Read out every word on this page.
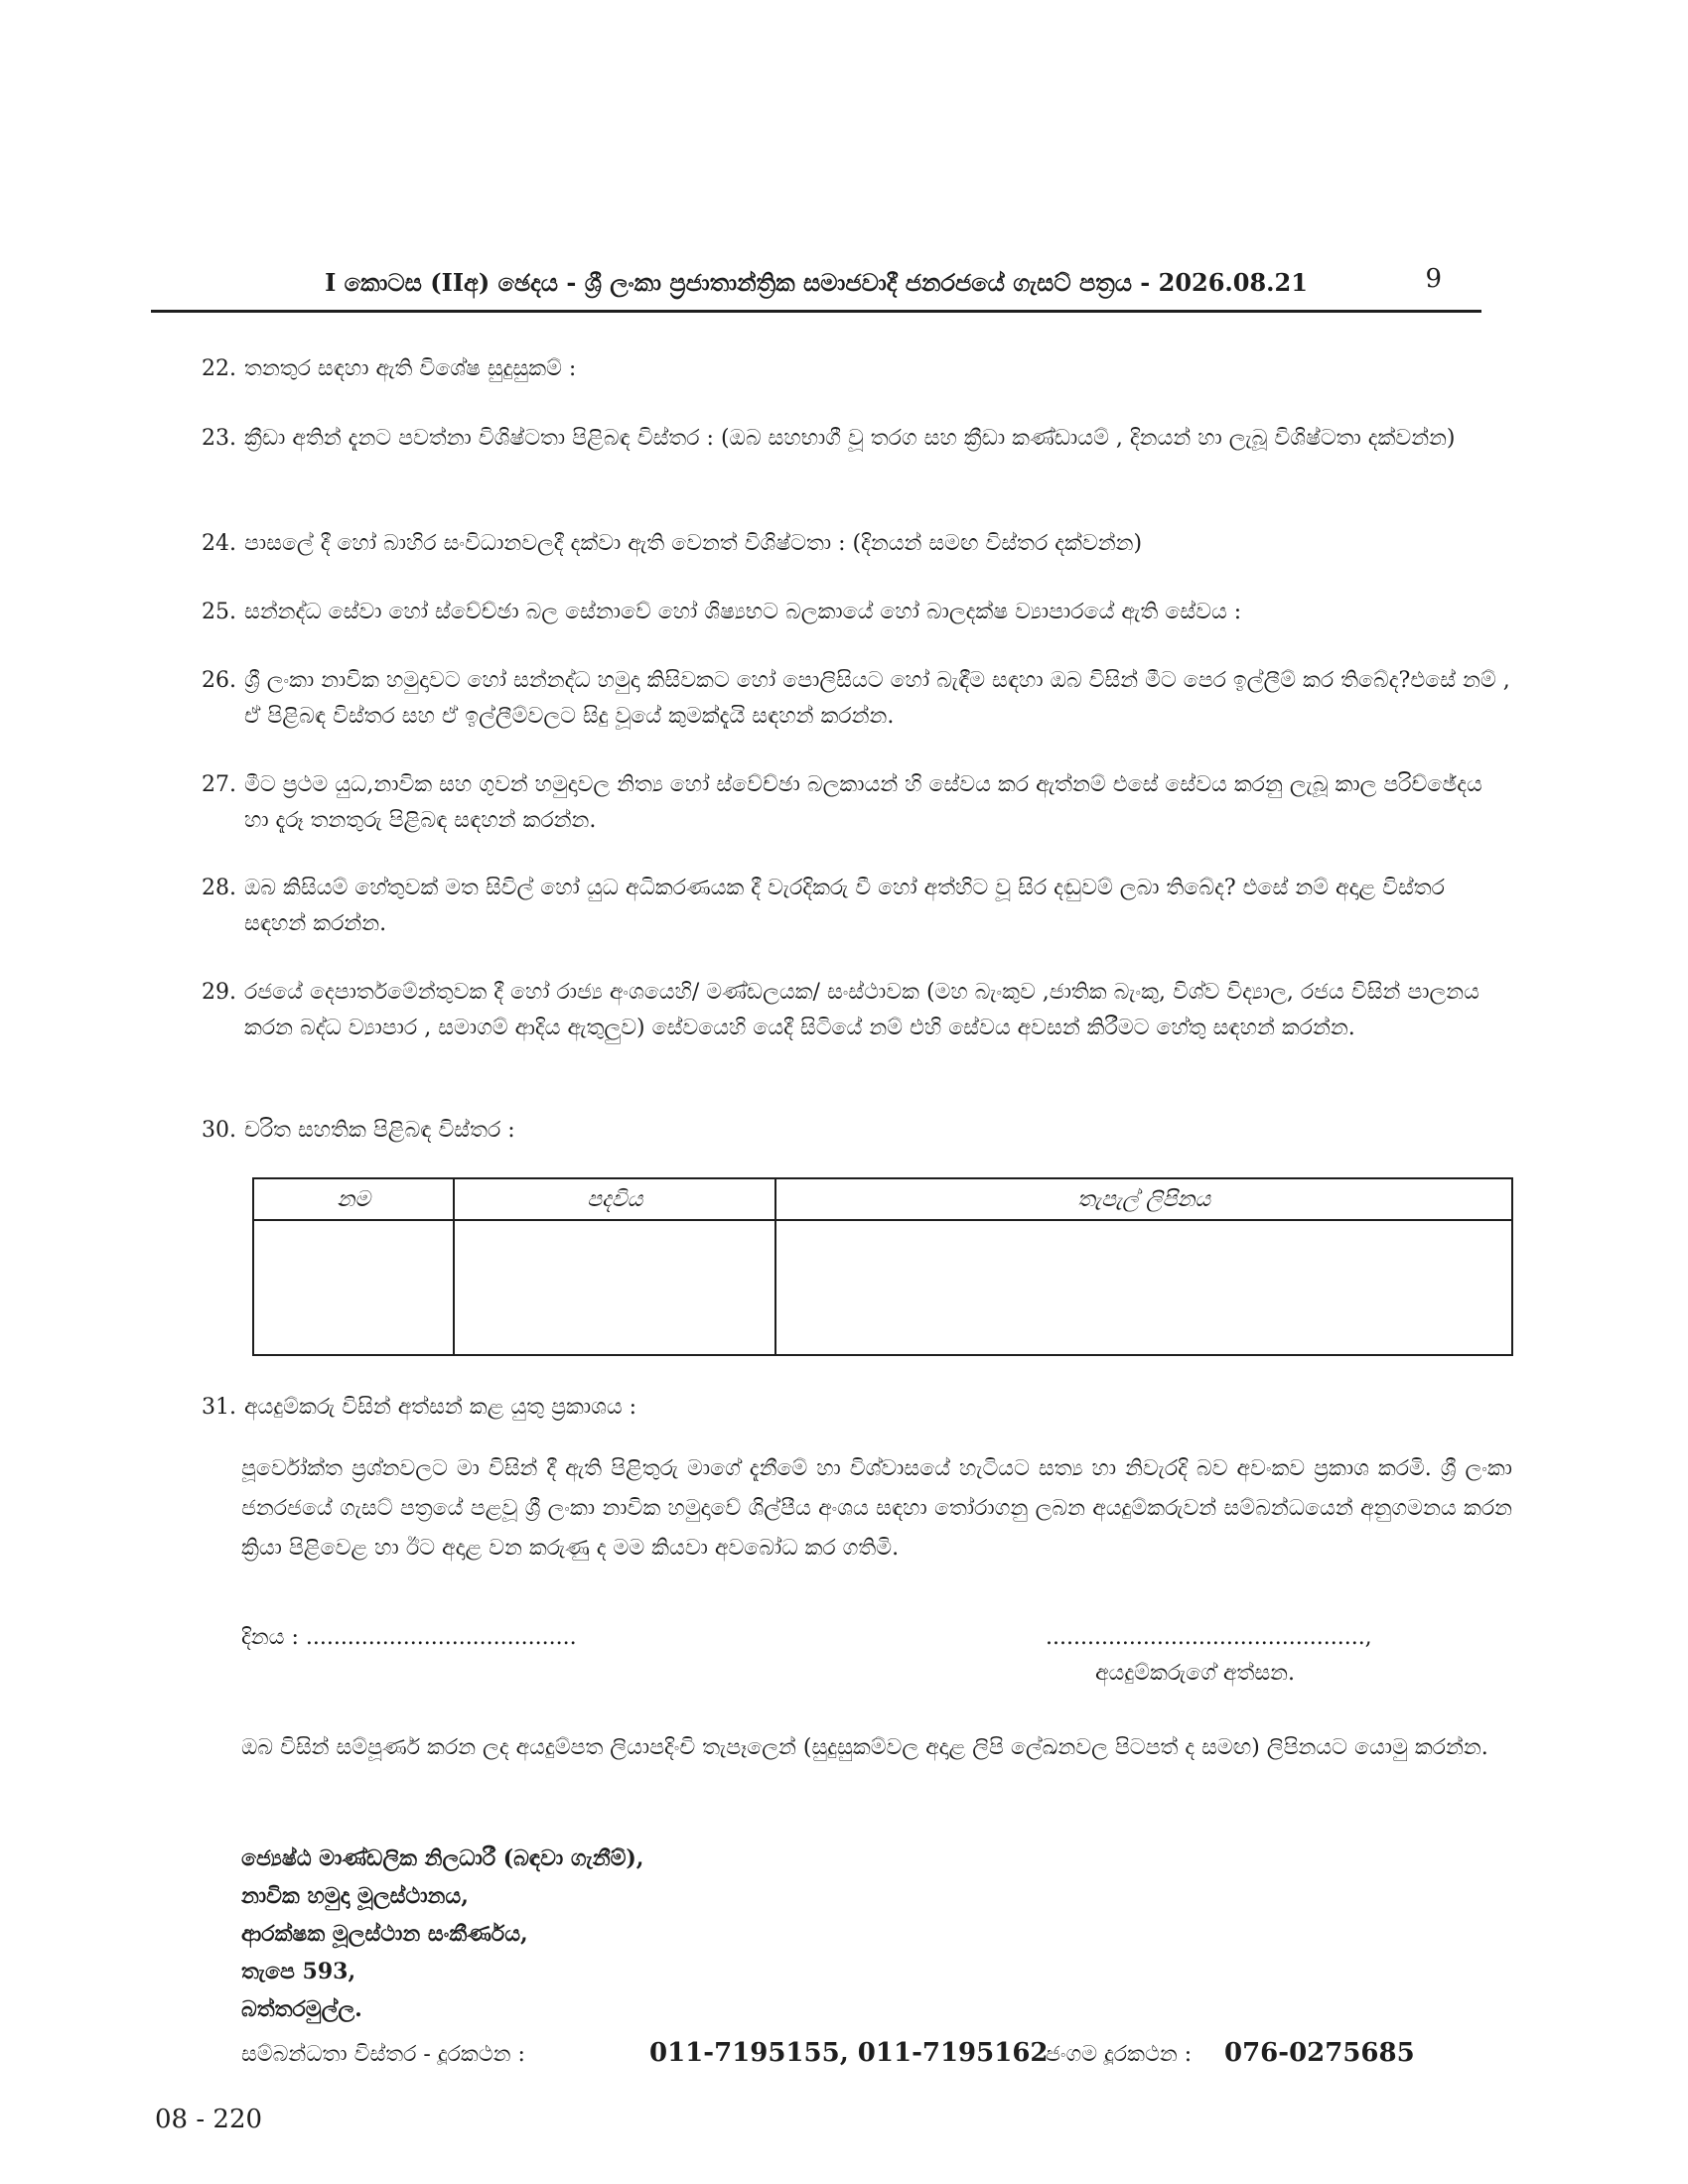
I කොටස (IIඅ) ඡෙදය - ශ්‍රී ලංකා ප්‍රජාතාන්ත්‍රික සමාජවාදී ජනරජයේ ගැසට් පත්‍රය - 2026.08.21	9
22. තනතුර සඳහා ඇති විශේෂ සුදුසුකම් :
23. ක්‍රීඩා අතින් දැනට පවත්නා විශිෂ්ටතා පිළිබඳ විස්තර : (ඔබ සහභාගී වූ තරග සහ ක්‍රීඩා කණ්ඩායම් , දිනයන් හා ලැබූ විශිෂ්ටතා දක්වන්න)
24. පාසලේ දී හෝ බාහිර සංවිධානවලදී දක්වා ඇති වෙනත් විශිෂ්ටතා : (දිනයන් සමඟ විස්තර දක්වන්න)
25. සන්නද්ධ සේවා හෝ ස්වේච්ඡා බල සේනාවේ හෝ ශිෂ්‍යභට බලකායේ හෝ බාලදක්ෂ ව්‍යාපාරයේ ඇති සේවය :
26. ශ්‍රී ලංකා නාවික හමුදාවට හෝ සන්නද්ධ හමුදා කිසිවකට හෝ පොලිසියට හෝ බැඳීම සඳහා ඔබ විසින් මීට පෙර ඉල්ලීම් කර තිබේද?එසේ නම් , ඒ පිළිබඳ විස්තර සහ ඒ ඉල්ලීම්වලට සිදු වූයේ කුමක්දැයි සඳහන් කරන්න.
27. මීට ප්‍රථම යුධ,නාවික සහ ගුවන් හමුදාවල නිත්‍ය හෝ ස්වේච්ඡා බලකායන් හි සේවය කර ඇත්නම් එසේ සේවය කරනු ලැබූ කාල පරිච්ඡේදය හා දැරූ තනතුරු පිළිබඳ සඳහන් කරන්න.
28. ඔබ කිසියම් හේතුවක් මත සිවිල් හෝ යුධ අධිකරණයක දී වැරදිකරු වී හෝ අත්හිට වූ සිර දඬුවම් ලබා තිබේද? එසේ නම් අදාළ විස්තර සඳහන් කරන්න.
29. රජයේ දෙපාර්තමේන්තුවක දී හෝ රාජ්‍ය අංශයෙහි/ මණ්ඩලයක/ සංස්ථාවක (මහ බැංකුව ,ජාතික බැංකු, විශ්ව විද්‍යාල, රජය විසින් පාලනය කරන බද්ධ ව්‍යාපාර , සමාගම් ආදිය ඇතුලුව) සේවයෙහි යෙදී සිටියේ නම් එහි සේවය අවසන් කිරීමට හේතු සඳහන් කරන්න.
30. චරිත සහතික පිළිබඳ විස්තර :
නම	පදවිය	තැපැල් ලිපිනය

31. අයදුම්කරු විසින් අත්සන් කළ යුතු ප්‍රකාශය :
පූර්වෝක්ත ප්‍රශ්නවලට මා විසින් දී ඇති පිළිතුරු මාගේ දැනීමේ හා විශ්වාසයේ හැටියට සත්‍ය හා නිවැරදි බව අවංකව ප්‍රකාශ කරමි. ශ්‍රී ලංකා ජනරජයේ ගැසට් පත්‍රයේ පළවූ ශ්‍රී ලංකා නාවික හමුදාවේ ශිල්පීය අංශය සඳහා තෝරාගනු ලබන අයදුම්කරුවන් සම්බන්ධයෙන් අනුගමනය කරන ක්‍රියා පිළිවෙළ හා ඊට අදාළ වන කරුණු ද මම කියවා අවබෝධ කර ගතිමි.
දිනය : .......................................	..............................................,
අයදුම්කරුගේ අත්සන.
ඔබ විසින් සම්පූර්ණ කරන ලද අයදුම්පත ලියාපදිංචි තැපෑලෙන් (සුදුසුකම්වල අදාළ ලිපි ලේඛනවල පිටපත් ද සමඟ) ලිපිනයට යොමු කරන්න.
ජ්‍යෙෂ්ඨ මාණ්ඩලික නිලධාරී (බඳවා ගැනීම්),
නාවික හමුදා මූලස්ථානය,
ආරක්ෂක මූලස්ථාන සංකීර්ණය,
තැපෙ 593,
බත්තරමුල්ල.
සම්බන්ධතා විස්තර - දූරකථන :	011-7195155, 011-7195162
ජංගම දූරකථන : 076-0275685
08 - 220
